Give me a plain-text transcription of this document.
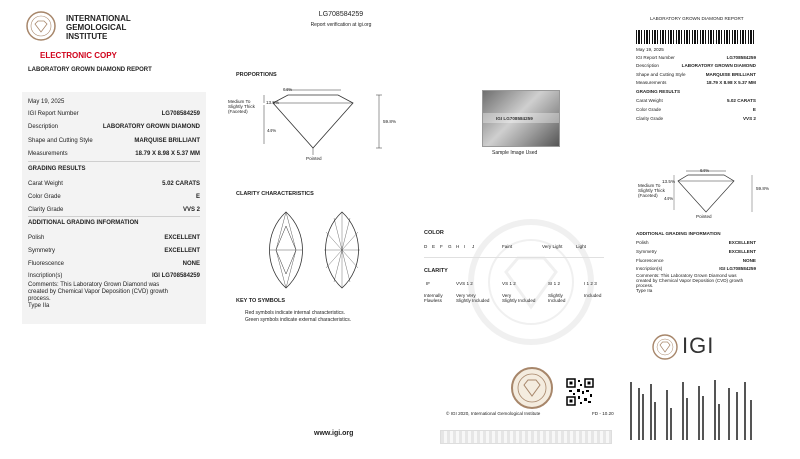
INTERNATIONAL
GEMOLOGICAL
INSTITUTE
ELECTRONIC COPY
LABORATORY GROWN DIAMOND REPORT
May 19, 2025
IGI Report Number	LG708584259
Description	LABORATORY GROWN DIAMOND
Shape and Cutting Style	MARQUISE BRILLIANT
Measurements	18.79 X 8.98 X 5.37 MM
GRADING RESULTS
Carat Weight	5.02 CARATS
Color Grade	E
Clarity Grade	VVS 2
ADDITIONAL GRADING INFORMATION
Polish	EXCELLENT
Symmetry	EXCELLENT
Fluorescence	NONE
Inscription(s)	IGI LG708584259
Comments: This Laboratory Grown Diamond was
created by Chemical Vapor Deposition (CVD) growth
process.
Type IIa
LG708584259
Report verification at igi.org
PROPORTIONS
64%
Medium To
Slightly Thick
(Faceted)
13.5%
44%
59.8%
Pointed
CLARITY CHARACTERISTICS
KEY TO SYMBOLS
Red symbols indicate internal characteristics.
Green symbols indicate external characteristics.
www.igi.org
IGI LG708584259
Sample Image Used
COLOR
D E F G H I J	Faint	Very Light	Light
CLARITY
IF	VVS 1 2	VS 1 2	SI 1 2	I 1 2 3
Internally
Flawless
Very Very
Slightly Included
Very
Slightly Included
Slightly
Included
Included
© IGI 2020, International Gemological Institute	FD - 10.20
LABORATORY GROWN DIAMOND REPORT
May 19, 2025
IGI Report Number	LG708584259
Description	LABORATORY GROWN DIAMOND
Shape and Cutting Style	MARQUISE BRILLIANT
Measurements	18.79 X 8.98 X 5.37 MM
GRADING RESULTS
Carat Weight	5.02 CARATS
Color Grade	E
Clarity Grade	VVS 2
64%
13.5%
Medium To
Slightly Thick
(Faceted)
44%
59.8%
Pointed
ADDITIONAL GRADING INFORMATION
Polish	EXCELLENT
Symmetry	EXCELLENT
Fluorescence	NONE
Inscription(s)	IGI LG708584259
Comments: This Laboratory Grown Diamond was
created by Chemical Vapor Deposition (CVD) growth
process.
Type IIa
IGI
